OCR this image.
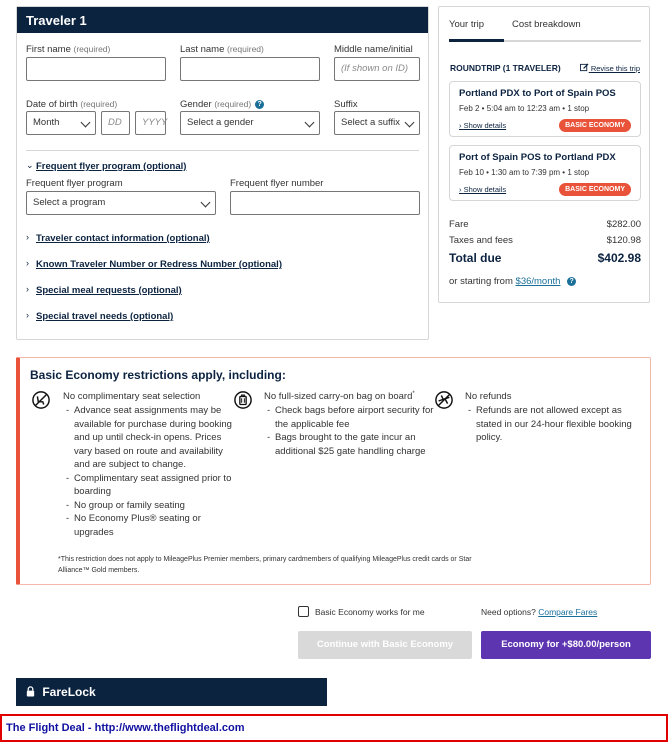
Traveler 1
First name (required)	Last name (required)	Middle name/initial
(If shown on ID)
Date of birth (required)
Month	DD	YYYY
Gender (required) ?
Select a gender
Suffix
Select a suffix
⌄ Frequent flyer program (optional)
Frequent flyer program
Select a program
Frequent flyer number
› Traveler contact information (optional)
› Known Traveler Number or Redress Number (optional)
› Special meal requests (optional)
› Special travel needs (optional)
Your trip	Cost breakdown
ROUNDTRIP (1 TRAVELER)	Revise this trip
Portland PDX to Port of Spain POS
Feb 2 • 5:04 am to 12:23 am • 1 stop
› Show details	BASIC ECONOMY
Port of Spain POS to Portland PDX
Feb 10 • 1:30 am to 7:39 pm • 1 stop
› Show details	BASIC ECONOMY
Fare	$282.00
Taxes and fees	$120.98
Total due	$402.98
or starting from $36/month ?
Basic Economy restrictions apply, including:
No complimentary seat selection
- Advance seat assignments may be available for purchase during booking and up until check-in opens. Prices vary based on route and availability and are subject to change.
- Complimentary seat assigned prior to boarding
- No group or family seating
- No Economy Plus® seating or upgrades
No full-sized carry-on bag on board*
- Check bags before airport security for the applicable fee
- Bags brought to the gate incur an additional $25 gate handling charge
No refunds
- Refunds are not allowed except as stated in our 24-hour flexible booking policy.
*This restriction does not apply to MileagePlus Premier members, primary cardmembers of qualifying MileagePlus credit cards or Star Alliance™ Gold members.
Basic Economy works for me	Need options? Compare Fares
Continue with Basic Economy	Economy for +$80.00/person
FareLock
The Flight Deal - http://www.theflightdeal.com
